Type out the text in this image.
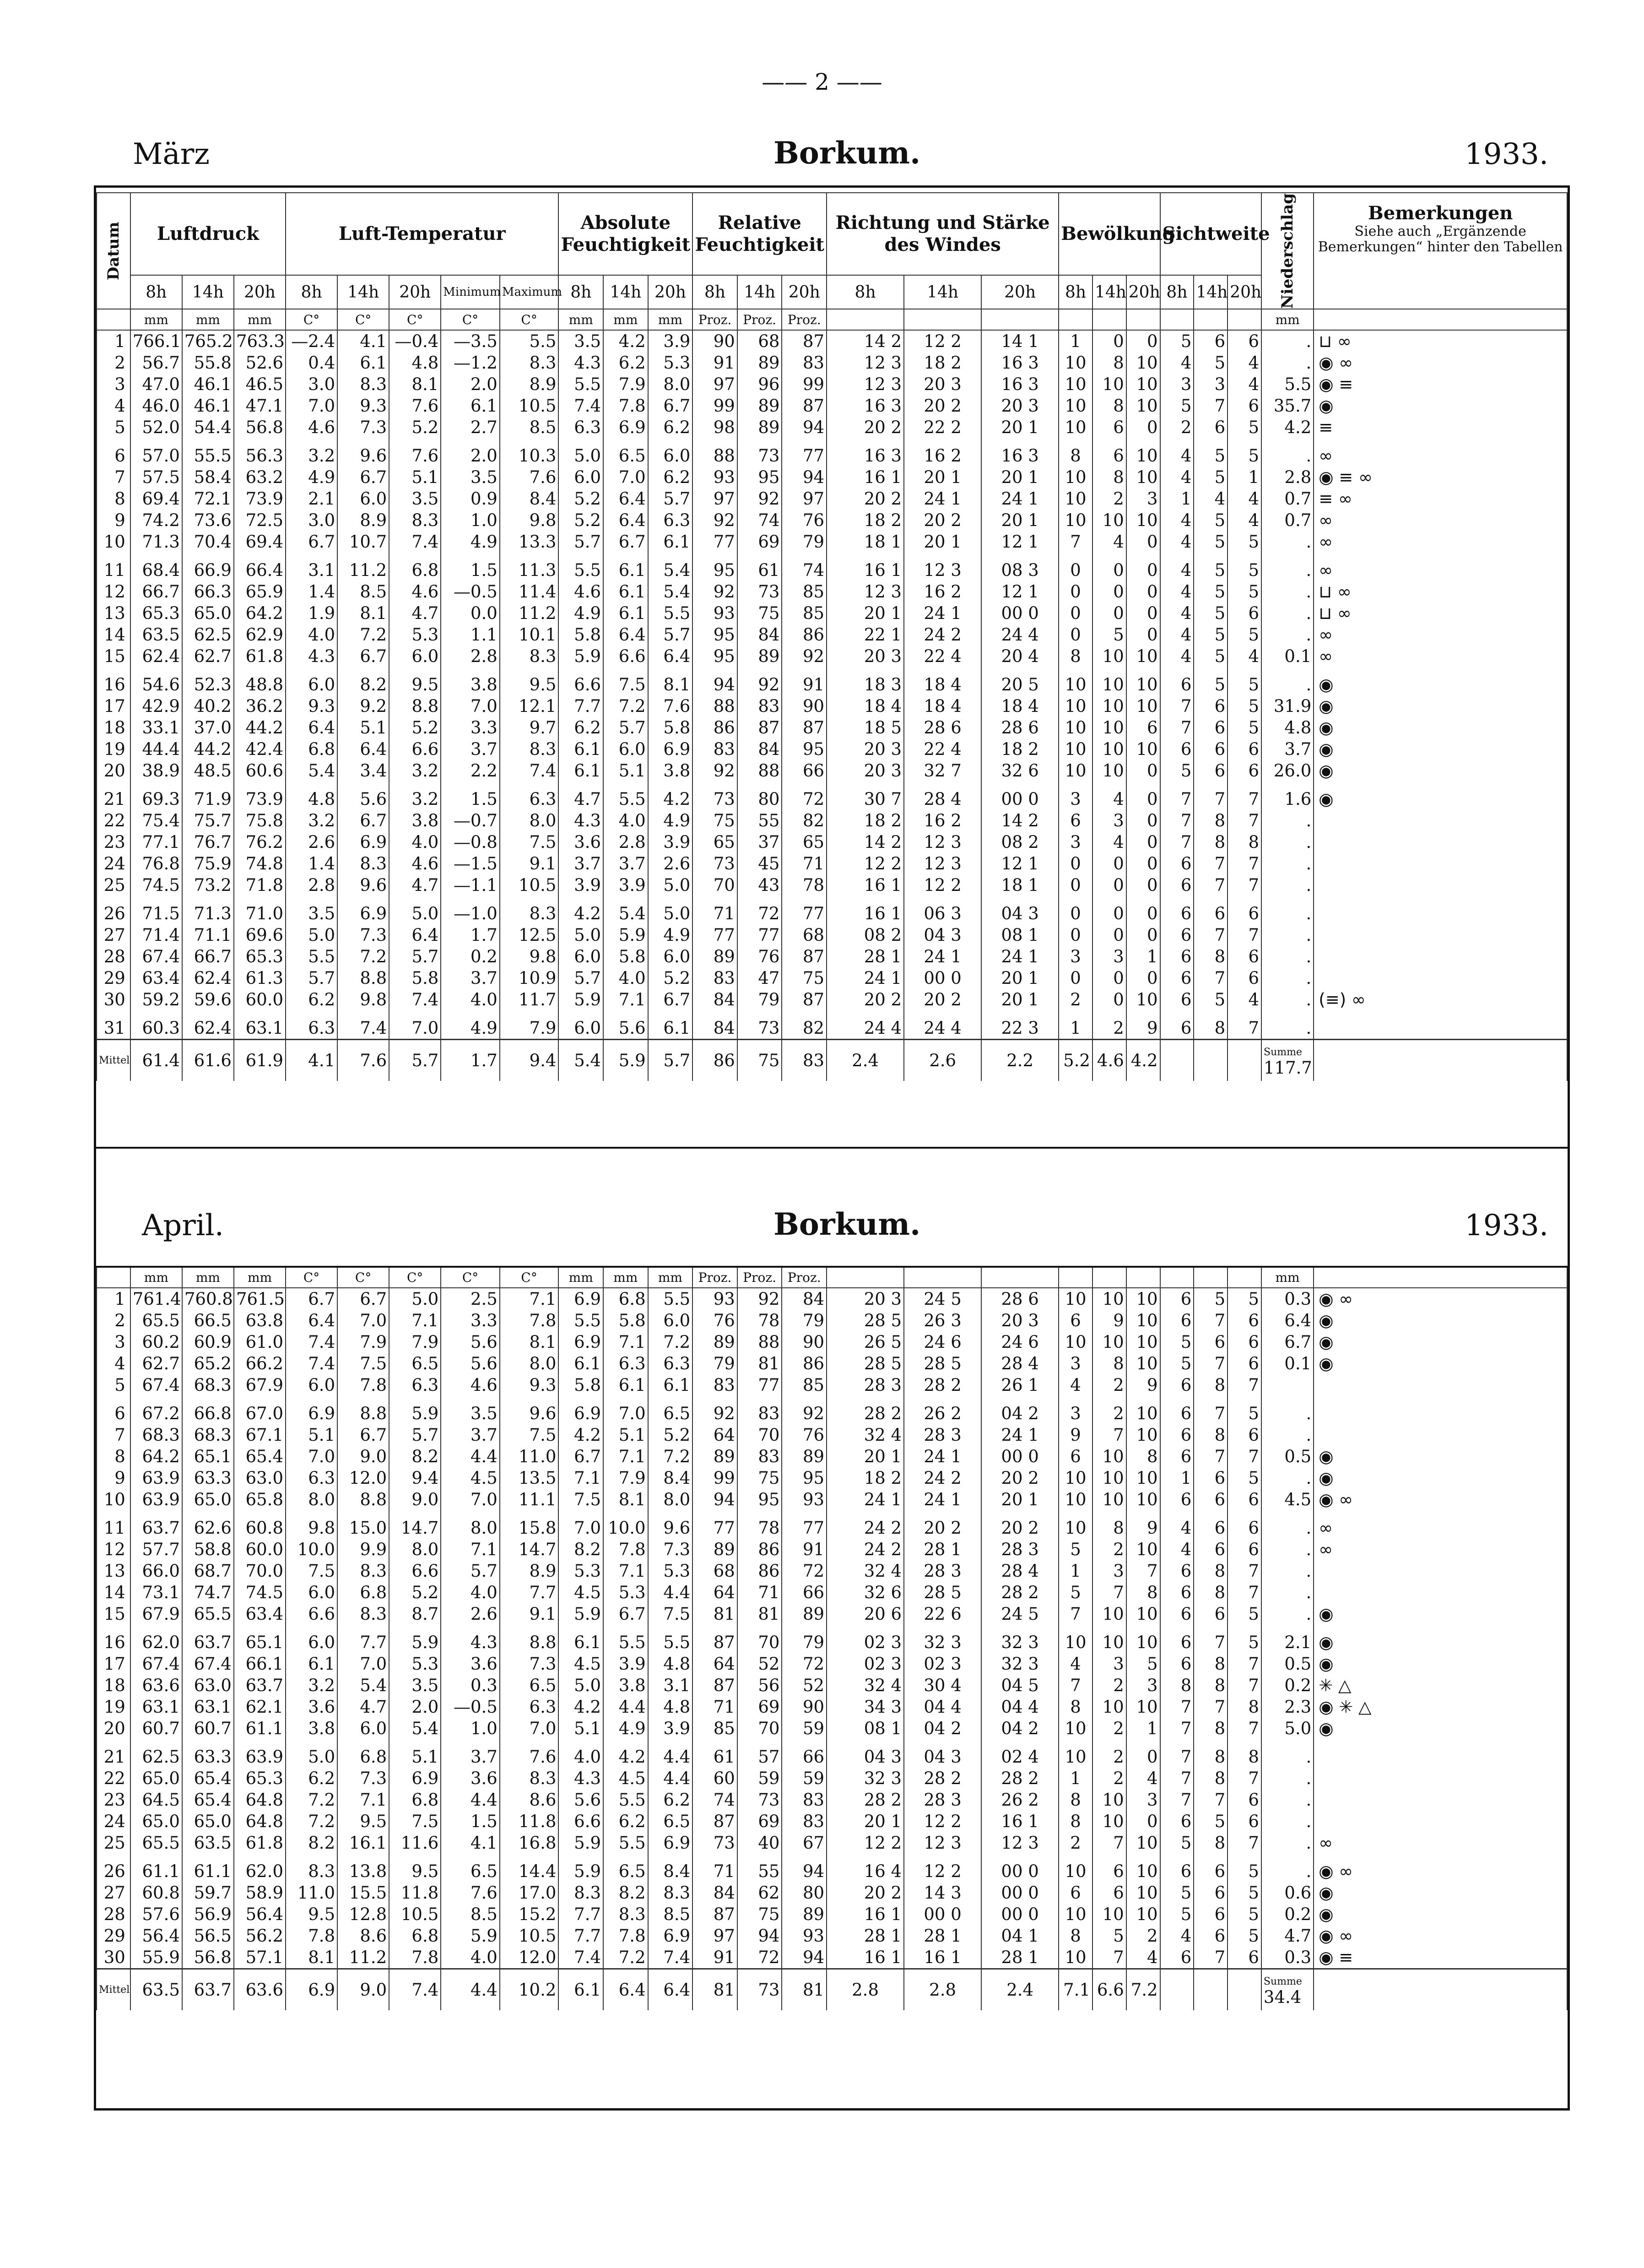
—— 2 ——
März	Borkum.	1933.
Datum	Luftdruck			Luft-Temperatur					Absolute Feuchtigkeit			Relative Feuchtigkeit			Richtung und Stärke des Windes			Bewölkung			Sichtweite			Niederschlag	Bemerkungen
Siehe auch „Ergänzende Bemerkungen“ hinter den Tabellen

	8h	14h	20h	8h	14h	20h	Minimum	Maximum	8h	14h	20h	8h	14h	20h	8h	14h	20h	8h	14h	20h	8h	14h	20h		
	mm	mm	mm	C°	C°	C°	C°	C°	mm	mm	mm	Proz.	Proz.	Proz.										mm	
1	766.1	765.2	763.3	—2.4	4.1	—0.4	—3.5	5.5	3.5	4.2	3.9	90	68	87	14 2	12 2	14 1	1	0	0	5	6	6	.	⊔ ∞
2	56.7	55.8	52.6	0.4	6.1	4.8	—1.2	8.3	4.3	6.2	5.3	91	89	83	12 3	18 2	16 3	10	8	10	4	5	4	.	◉ ∞
3	47.0	46.1	46.5	3.0	8.3	8.1	2.0	8.9	5.5	7.9	8.0	97	96	99	12 3	20 3	16 3	10	10	10	3	3	4	5.5	◉ ≡
4	46.0	46.1	47.1	7.0	9.3	7.6	6.1	10.5	7.4	7.8	6.7	99	89	87	16 3	20 2	20 3	10	8	10	5	7	6	35.7	◉
5	52.0	54.4	56.8	4.6	7.3	5.2	2.7	8.5	6.3	6.9	6.2	98	89	94	20 2	22 2	20 1	10	6	0	2	6	5	4.2	≡

6	57.0	55.5	56.3	3.2	9.6	7.6	2.0	10.3	5.0	6.5	6.0	88	73	77	16 3	16 2	16 3	8	6	10	4	5	5	.	∞
7	57.5	58.4	63.2	4.9	6.7	5.1	3.5	7.6	6.0	7.0	6.2	93	95	94	16 1	20 1	20 1	10	8	10	4	5	1	2.8	◉ ≡ ∞
8	69.4	72.1	73.9	2.1	6.0	3.5	0.9	8.4	5.2	6.4	5.7	97	92	97	20 2	24 1	24 1	10	2	3	1	4	4	0.7	≡ ∞
9	74.2	73.6	72.5	3.0	8.9	8.3	1.0	9.8	5.2	6.4	6.3	92	74	76	18 2	20 2	20 1	10	10	10	4	5	4	0.7	∞
10	71.3	70.4	69.4	6.7	10.7	7.4	4.9	13.3	5.7	6.7	6.1	77	69	79	18 1	20 1	12 1	7	4	0	4	5	5	.	∞

11	68.4	66.9	66.4	3.1	11.2	6.8	1.5	11.3	5.5	6.1	5.4	95	61	74	16 1	12 3	08 3	0	0	0	4	5	5	.	∞
12	66.7	66.3	65.9	1.4	8.5	4.6	—0.5	11.4	4.6	6.1	5.4	92	73	85	12 3	16 2	12 1	0	0	0	4	5	5	.	⊔ ∞
13	65.3	65.0	64.2	1.9	8.1	4.7	0.0	11.2	4.9	6.1	5.5	93	75	85	20 1	24 1	00 0	0	0	0	4	5	6	.	⊔ ∞
14	63.5	62.5	62.9	4.0	7.2	5.3	1.1	10.1	5.8	6.4	5.7	95	84	86	22 1	24 2	24 4	0	5	0	4	5	5	.	∞
15	62.4	62.7	61.8	4.3	6.7	6.0	2.8	8.3	5.9	6.6	6.4	95	89	92	20 3	22 4	20 4	8	10	10	4	5	4	0.1	∞

16	54.6	52.3	48.8	6.0	8.2	9.5	3.8	9.5	6.6	7.5	8.1	94	92	91	18 3	18 4	20 5	10	10	10	6	5	5	.	◉
17	42.9	40.2	36.2	9.3	9.2	8.8	7.0	12.1	7.7	7.2	7.6	88	83	90	18 4	18 4	18 4	10	10	10	7	6	5	31.9	◉
18	33.1	37.0	44.2	6.4	5.1	5.2	3.3	9.7	6.2	5.7	5.8	86	87	87	18 5	28 6	28 6	10	10	6	7	6	5	4.8	◉
19	44.4	44.2	42.4	6.8	6.4	6.6	3.7	8.3	6.1	6.0	6.9	83	84	95	20 3	22 4	18 2	10	10	10	6	6	6	3.7	◉
20	38.9	48.5	60.6	5.4	3.4	3.2	2.2	7.4	6.1	5.1	3.8	92	88	66	20 3	32 7	32 6	10	10	0	5	6	6	26.0	◉

21	69.3	71.9	73.9	4.8	5.6	3.2	1.5	6.3	4.7	5.5	4.2	73	80	72	30 7	28 4	00 0	3	4	0	7	7	7	1.6	◉
22	75.4	75.7	75.8	3.2	6.7	3.8	—0.7	8.0	4.3	4.0	4.9	75	55	82	18 2	16 2	14 2	6	3	0	7	8	7	.	
23	77.1	76.7	76.2	2.6	6.9	4.0	—0.8	7.5	3.6	2.8	3.9	65	37	65	14 2	12 3	08 2	3	4	0	7	8	8	.	
24	76.8	75.9	74.8	1.4	8.3	4.6	—1.5	9.1	3.7	3.7	2.6	73	45	71	12 2	12 3	12 1	0	0	0	6	7	7	.	
25	74.5	73.2	71.8	2.8	9.6	4.7	—1.1	10.5	3.9	3.9	5.0	70	43	78	16 1	12 2	18 1	0	0	0	6	7	7	.	

26	71.5	71.3	71.0	3.5	6.9	5.0	—1.0	8.3	4.2	5.4	5.0	71	72	77	16 1	06 3	04 3	0	0	0	6	6	6	.	
27	71.4	71.1	69.6	5.0	7.3	6.4	1.7	12.5	5.0	5.9	4.9	77	77	68	08 2	04 3	08 1	0	0	0	6	7	7	.	
28	67.4	66.7	65.3	5.5	7.2	5.7	0.2	9.8	6.0	5.8	6.0	89	76	87	28 1	24 1	24 1	3	3	1	6	8	6	.	
29	63.4	62.4	61.3	5.7	8.8	5.8	3.7	10.9	5.7	4.0	5.2	83	47	75	24 1	00 0	20 1	0	0	0	6	7	6	.	
30	59.2	59.6	60.0	6.2	9.8	7.4	4.0	11.7	5.9	7.1	6.7	84	79	87	20 2	20 2	20 1	2	0	10	6	5	4	.	(≡) ∞

31	60.3	62.4	63.1	6.3	7.4	7.0	4.9	7.9	6.0	5.6	6.1	84	73	82	24 4	24 4	22 3	1	2	9	6	8	7	.	
Mittel	61.4	61.6	61.9	4.1	7.6	5.7	1.7	9.4	5.4	5.9	5.7	86	75	83	2.4	2.6	2.2	5.2	4.6	4.2				Summe
117.7	

April.	Borkum.	1933.
	mm	mm	mm	C°	C°	C°	C°	C°	mm	mm	mm	Proz.	Proz.	Proz.										mm	
1	761.4	760.8	761.5	6.7	6.7	5.0	2.5	7.1	6.9	6.8	5.5	93	92	84	20 3	24 5	28 6	10	10	10	6	5	5	0.3	◉ ∞
2	65.5	66.5	63.8	6.4	7.0	7.1	3.3	7.8	5.5	5.8	6.0	76	78	79	28 5	26 3	20 3	6	9	10	6	7	6	6.4	◉
3	60.2	60.9	61.0	7.4	7.9	7.9	5.6	8.1	6.9	7.1	7.2	89	88	90	26 5	24 6	24 6	10	10	10	5	6	6	6.7	◉
4	62.7	65.2	66.2	7.4	7.5	6.5	5.6	8.0	6.1	6.3	6.3	79	81	86	28 5	28 5	28 4	3	8	10	5	7	6	0.1	◉
5	67.4	68.3	67.9	6.0	7.8	6.3	4.6	9.3	5.8	6.1	6.1	83	77	85	28 3	28 2	26 1	4	2	9	6	8	7		

6	67.2	66.8	67.0	6.9	8.8	5.9	3.5	9.6	6.9	7.0	6.5	92	83	92	28 2	26 2	04 2	3	2	10	6	7	5	.	
7	68.3	68.3	67.1	5.1	6.7	5.7	3.7	7.5	4.2	5.1	5.2	64	70	76	32 4	28 3	24 1	9	7	10	6	8	6	.	
8	64.2	65.1	65.4	7.0	9.0	8.2	4.4	11.0	6.7	7.1	7.2	89	83	89	20 1	24 1	00 0	6	10	8	6	7	7	0.5	◉
9	63.9	63.3	63.0	6.3	12.0	9.4	4.5	13.5	7.1	7.9	8.4	99	75	95	18 2	24 2	20 2	10	10	10	1	6	5	.	◉
10	63.9	65.0	65.8	8.0	8.8	9.0	7.0	11.1	7.5	8.1	8.0	94	95	93	24 1	24 1	20 1	10	10	10	6	6	6	4.5	◉ ∞

11	63.7	62.6	60.8	9.8	15.0	14.7	8.0	15.8	7.0	10.0	9.6	77	78	77	24 2	20 2	20 2	10	8	9	4	6	6	.	∞
12	57.7	58.8	60.0	10.0	9.9	8.0	7.1	14.7	8.2	7.8	7.3	89	86	91	24 2	28 1	28 3	5	2	10	4	6	6	.	∞
13	66.0	68.7	70.0	7.5	8.3	6.6	5.7	8.9	5.3	7.1	5.3	68	86	72	32 4	28 3	28 4	1	3	7	6	8	7	.	
14	73.1	74.7	74.5	6.0	6.8	5.2	4.0	7.7	4.5	5.3	4.4	64	71	66	32 6	28 5	28 2	5	7	8	6	8	7	.	
15	67.9	65.5	63.4	6.6	8.3	8.7	2.6	9.1	5.9	6.7	7.5	81	81	89	20 6	22 6	24 5	7	10	10	6	6	5	.	◉

16	62.0	63.7	65.1	6.0	7.7	5.9	4.3	8.8	6.1	5.5	5.5	87	70	79	02 3	32 3	32 3	10	10	10	6	7	5	2.1	◉
17	67.4	67.4	66.1	6.1	7.0	5.3	3.6	7.3	4.5	3.9	4.8	64	52	72	02 3	02 3	32 3	4	3	5	6	8	7	0.5	◉
18	63.6	63.0	63.7	3.2	5.4	3.5	0.3	6.5	5.0	3.8	3.1	87	56	52	32 4	30 4	04 5	7	2	3	8	8	7	0.2	✳ △
19	63.1	63.1	62.1	3.6	4.7	2.0	—0.5	6.3	4.2	4.4	4.8	71	69	90	34 3	04 4	04 4	8	10	10	7	7	8	2.3	◉ ✳ △
20	60.7	60.7	61.1	3.8	6.0	5.4	1.0	7.0	5.1	4.9	3.9	85	70	59	08 1	04 2	04 2	10	2	1	7	8	7	5.0	◉

21	62.5	63.3	63.9	5.0	6.8	5.1	3.7	7.6	4.0	4.2	4.4	61	57	66	04 3	04 3	02 4	10	2	0	7	8	8	.	
22	65.0	65.4	65.3	6.2	7.3	6.9	3.6	8.3	4.3	4.5	4.4	60	59	59	32 3	28 2	28 2	1	2	4	7	8	7	.	
23	64.5	65.4	64.8	7.2	7.1	6.8	4.4	8.6	5.6	5.5	6.2	74	73	83	28 2	28 3	26 2	8	10	3	7	7	6	.	
24	65.0	65.0	64.8	7.2	9.5	7.5	1.5	11.8	6.6	6.2	6.5	87	69	83	20 1	12 2	16 1	8	10	0	6	5	6	.	
25	65.5	63.5	61.8	8.2	16.1	11.6	4.1	16.8	5.9	5.5	6.9	73	40	67	12 2	12 3	12 3	2	7	10	5	8	7	.	∞

26	61.1	61.1	62.0	8.3	13.8	9.5	6.5	14.4	5.9	6.5	8.4	71	55	94	16 4	12 2	00 0	10	6	10	6	6	5	.	◉ ∞
27	60.8	59.7	58.9	11.0	15.5	11.8	7.6	17.0	8.3	8.2	8.3	84	62	80	20 2	14 3	00 0	6	6	10	5	6	5	0.6	◉
28	57.6	56.9	56.4	9.5	12.8	10.5	8.5	15.2	7.7	8.3	8.5	87	75	89	16 1	00 0	00 0	10	10	10	5	6	5	0.2	◉
29	56.4	56.5	56.2	7.8	8.6	6.8	5.9	10.5	7.7	7.8	6.9	97	94	93	28 1	28 1	04 1	8	5	2	4	6	5	4.7	◉ ∞
30	55.9	56.8	57.1	8.1	11.2	7.8	4.0	12.0	7.4	7.2	7.4	91	72	94	16 1	16 1	28 1	10	7	4	6	7	6	0.3	◉ ≡
Mittel	63.5	63.7	63.6	6.9	9.0	7.4	4.4	10.2	6.1	6.4	6.4	81	73	81	2.8	2.8	2.4	7.1	6.6	7.2				Summe
34.4	
